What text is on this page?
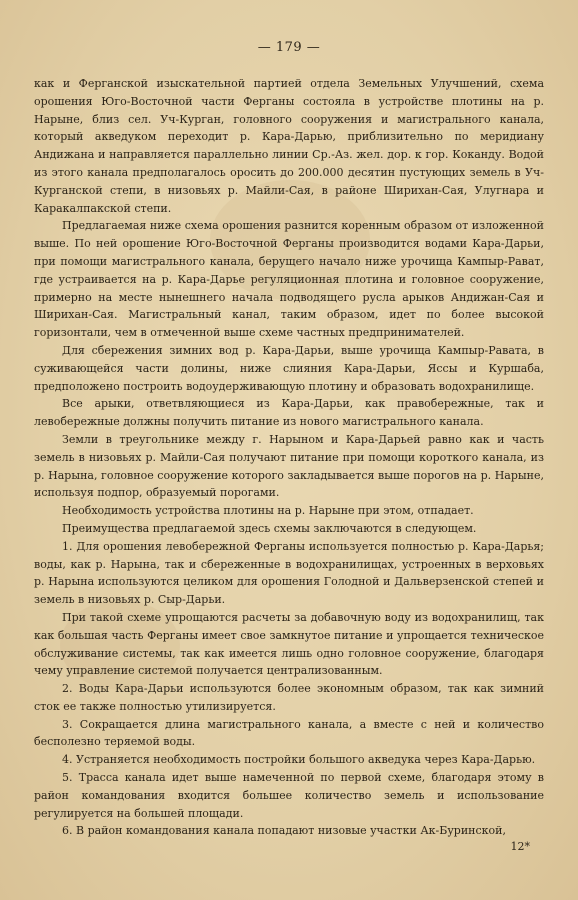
— 179 —

как и Ферганской изыскательной партией отдела Земельных Улучшений, схема орошения Юго-Восточной части Ферганы состояла в устройстве плотины на р. Нарыне, близ сел. Уч-Курган, головного сооружения и магистрального канала, который акведуком переходит р. Кара-Дарью, приблизительно по меридиану Андижана и направляется параллельно линии Ср.-Аз. жел. дор. к гор. Коканду. Водой из этого канала предполагалось оросить до 200.000 десятин пустующих земель в Уч-Курганской степи, в низовьях р. Майли-Сая, в районе Ширихан-Сая, Улугнара и Каракалпакской степи.

Предлагаемая ниже схема орошения разнится коренным образом от изложенной выше. По ней орошение Юго-Восточной Ферганы производится водами Кара-Дарьи, при помощи магистрального канала, берущего начало ниже урочища Кампыр-Рават, где устраивается на р. Кара-Дарье регуляционная плотина и головное сооружение, примерно на месте нынешнего начала подводящего русла арыков Андижан-Сая и Ширихан-Сая. Магистральный канал, таким образом, идет по более высокой горизонтали, чем в отмеченной выше схеме частных предпринимателей.

Для сбережения зимних вод р. Кара-Дарьи, выше урочища Кампыр-Равата, в суживающейся части долины, ниже слияния Кара-Дарьи, Яссы и Куршаба, предположено построить водоудерживающую плотину и образовать водохранилище.

Все арыки, ответвляющиеся из Кара-Дарьи, как правобережные, так и левобережные должны получить питание из нового магистрального канала.

Земли в треугольнике между г. Нарыном и Кара-Дарьей равно как и часть земель в низовьях р. Майли-Сая получают питание при помощи короткого канала, из р. Нарына, головное сооружение которого закладывается выше порогов на р. Нарыне, используя подпор, образуемый порогами.

Необходимость устройства плотины на р. Нарыне при этом, отпадает.

Преимущества предлагаемой здесь схемы заключаются в следующем.

1. Для орошения левобережной Ферганы используется полностью р. Кара-Дарья; воды, как р. Нарына, так и сбереженные в водохранилищах, устроенных в верховьях р. Нарына используются целиком для орошения Голодной и Дальверзенской степей и земель в низовьях р. Сыр-Дарьи.

При такой схеме упрощаются расчеты за добавочную воду из водохранилищ, так как большая часть Ферганы имеет свое замкнутое питание и упрощается техническое обслуживание системы, так как имеется лишь одно головное сооружение, благодаря чему управление системой получается централизованным.

2. Воды Кара-Дарьи используются более экономным образом, так как зимний сток ее также полностью утилизируется.

3. Сокращается длина магистрального канала, а вместе с ней и количество бесполезно теряемой воды.

4. Устраняется необходимость постройки большого акведука через Кара-Дарью.

5. Трасса канала идет выше намеченной по первой схеме, благодаря этому в район командования входится большее количество земель и использование регулируется на большей площади.

6. В район командования канала попадают низовые участки Ак-Буринской,

12*
